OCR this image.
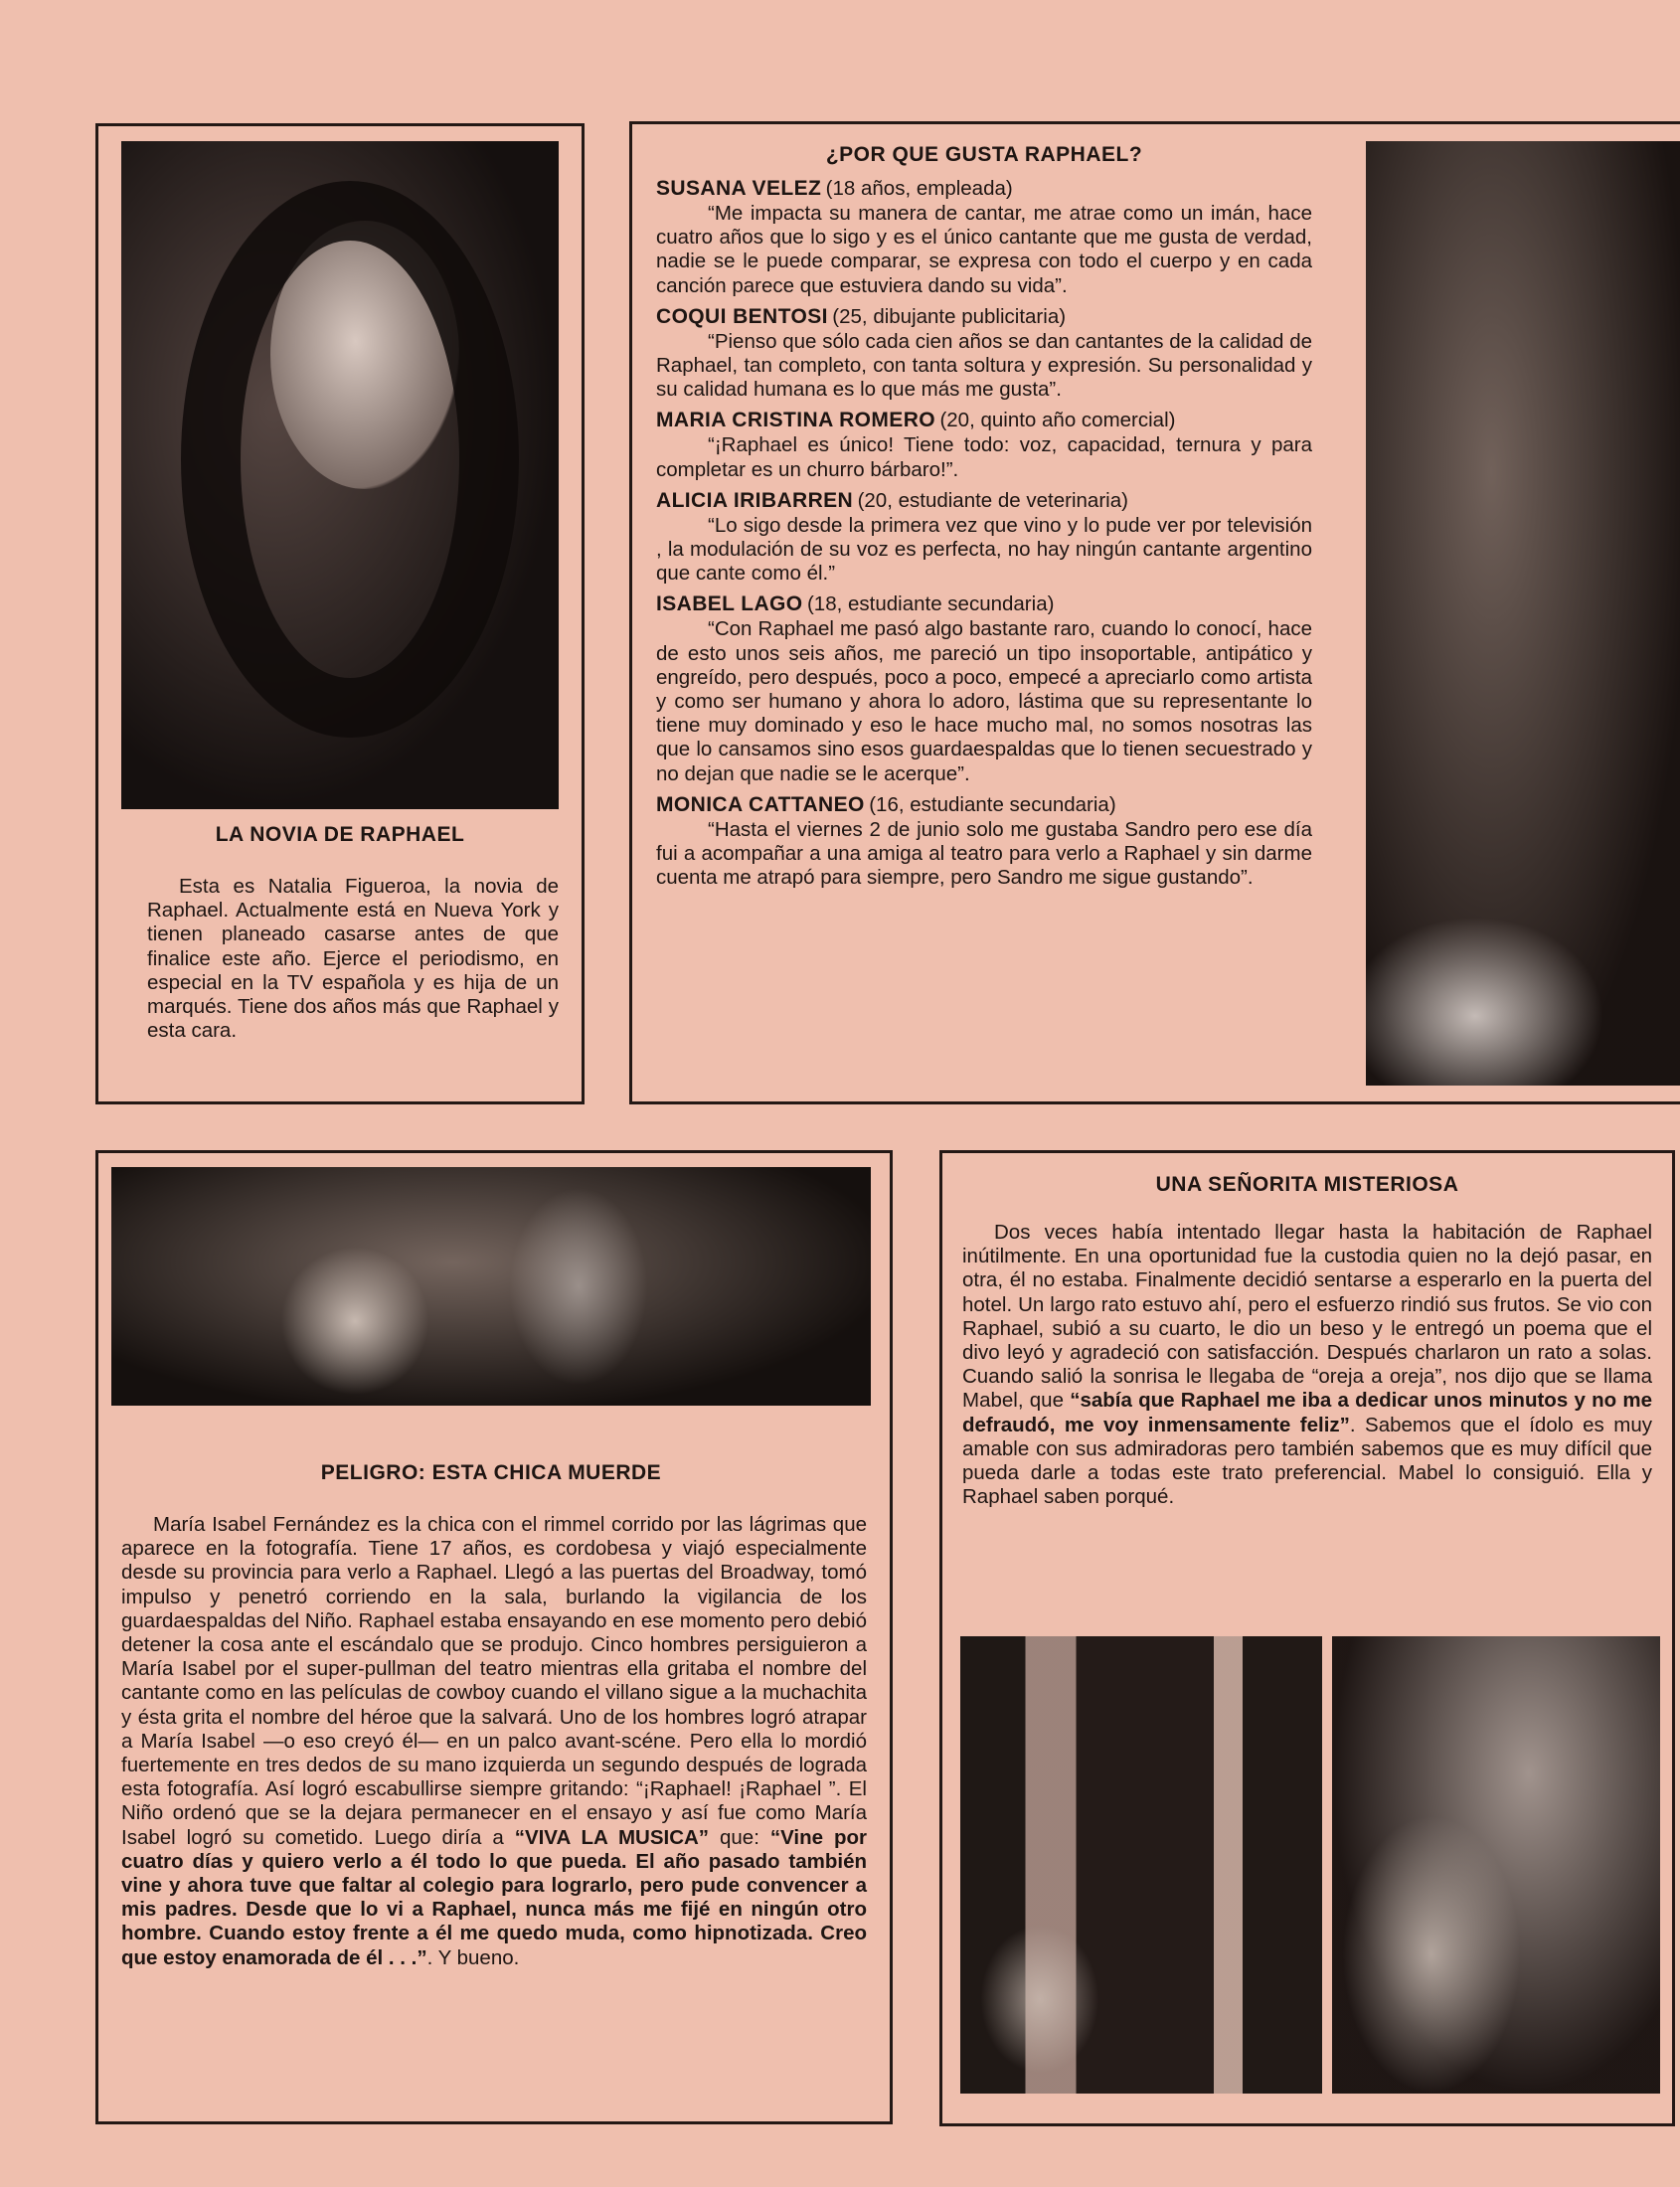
LA NOVIA DE RAPHAEL
Esta es Natalia Figueroa, la novia de Raphael. Actualmente está en Nueva York y tienen planeado casarse antes de que finalice este año. Ejerce el periodismo, en especial en la TV española y es hija de un marqués. Tiene dos años más que Raphael y esta cara.
¿POR QUE GUSTA RAPHAEL?
SUSANA VELEZ (18 años, empleada)
“Me impacta su manera de cantar, me atrae como un imán, hace cuatro años que lo sigo y es el único cantante que me gusta de verdad, nadie se le puede comparar, se expresa con todo el cuerpo y en cada canción parece que estuviera dando su vida”.
COQUI BENTOSI (25, dibujante publicitaria)
“Pienso que sólo cada cien años se dan cantantes de la calidad de Raphael, tan completo, con tanta soltura y expresión. Su personalidad y su calidad humana es lo que más me gusta”.
MARIA CRISTINA ROMERO (20, quinto año comercial)
“¡Raphael es único! Tiene todo: voz, capacidad, ternura y para completar es un churro bárbaro!”.
ALICIA IRIBARREN (20, estudiante de veterinaria)
“Lo sigo desde la primera vez que vino y lo pude ver por televisión , la modulación de su voz es perfecta, no hay ningún cantante argentino que cante como él.”
ISABEL LAGO (18, estudiante secundaria)
“Con Raphael me pasó algo bastante raro, cuando lo conocí, hace de esto unos seis años, me pareció un tipo insoportable, antipático y engreído, pero después, poco a poco, empecé a apreciarlo como artista y como ser humano y ahora lo adoro, lástima que su representante lo tiene muy dominado y eso le hace mucho mal, no somos nosotras las que lo cansamos sino esos guardaespaldas que lo tienen secuestrado y no dejan que nadie se le acerque”.
MONICA CATTANEO (16, estudiante secundaria)
“Hasta el viernes 2 de junio solo me gustaba Sandro pero ese día fui a acompañar a una amiga al teatro para verlo a Raphael y sin darme cuenta me atrapó para siempre, pero Sandro me sigue gustando”.
PELIGRO: ESTA CHICA MUERDE
María Isabel Fernández es la chica con el rimmel corrido por las lágrimas que aparece en la fotografía. Tiene 17 años, es cordobesa y viajó especialmente desde su provincia para verlo a Raphael. Llegó a las puertas del Broadway, tomó impulso y penetró corriendo en la sala, burlando la vigilancia de los guardaespaldas del Niño. Raphael estaba ensayando en ese momento pero debió detener la cosa ante el escándalo que se produjo. Cinco hombres persiguieron a María Isabel por el super-pullman del teatro mientras ella gritaba el nombre del cantante como en las películas de cowboy cuando el villano sigue a la muchachita y ésta grita el nombre del héroe que la salvará. Uno de los hombres logró atrapar a María Isabel —o eso creyó él— en un palco avant-scéne. Pero ella lo mordió fuertemente en tres dedos de su mano izquierda un segundo después de lograda esta fotografía. Así logró escabullirse siempre gritando: “¡Raphael! ¡Raphael ”. El Niño ordenó que se la dejara permanecer en el ensayo y así fue como María Isabel logró su cometido. Luego diría a “VIVA LA MUSICA” que: “Vine por cuatro días y quiero verlo a él todo lo que pueda. El año pasado también vine y ahora tuve que faltar al colegio para lograrlo, pero pude convencer a mis padres. Desde que lo vi a Raphael, nunca más me fijé en ningún otro hombre. Cuando estoy frente a él me quedo muda, como hipnotizada. Creo que estoy enamorada de él . . .”. Y bueno.
UNA SEÑORITA MISTERIOSA
Dos veces había intentado llegar hasta la habitación de Raphael inútilmente. En una oportunidad fue la custodia quien no la dejó pasar, en otra, él no estaba. Finalmente decidió sentarse a esperarlo en la puerta del hotel. Un largo rato estuvo ahí, pero el esfuerzo rindió sus frutos. Se vio con Raphael, subió a su cuarto, le dio un beso y le entregó un poema que el divo leyó y agradeció con satisfacción. Después charlaron un rato a solas. Cuando salió la sonrisa le llegaba de “oreja a oreja”, nos dijo que se llama Mabel, que “sabía que Raphael me iba a dedicar unos minutos y no me defraudó, me voy inmensamente feliz”. Sabemos que el ídolo es muy amable con sus admiradoras pero también sabemos que es muy difícil que pueda darle a todas este trato preferencial. Mabel lo consiguió. Ella y Raphael saben porqué.
